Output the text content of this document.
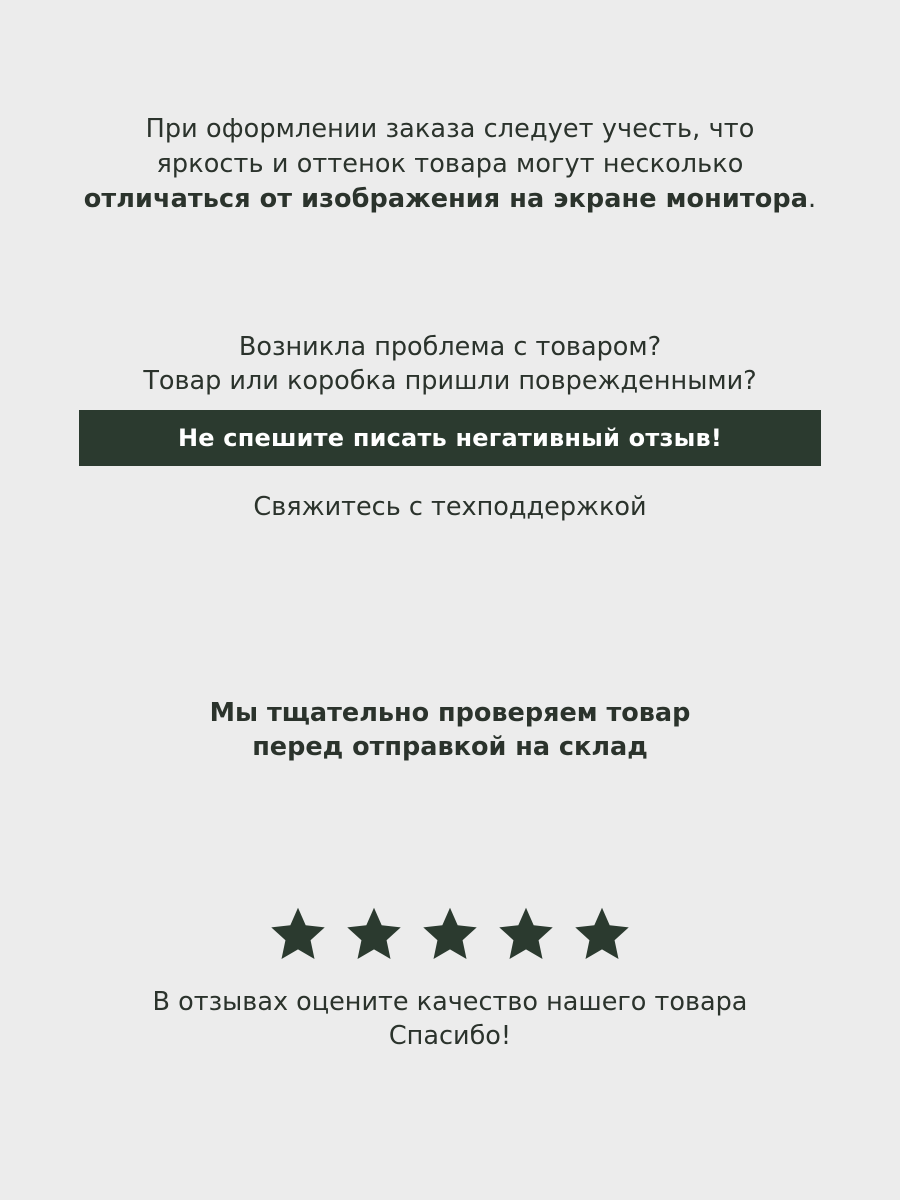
При оформлении заказа следует учесть, что
яркость и оттенок товара могут несколько
отличаться от изображения на экране монитора.
Возникла проблема с товаром?
Товар или коробка пришли поврежденными?
Не спешите писать негативный отзыв!
Свяжитесь с техподдержкой
Мы тщательно проверяем товар
перед отправкой на склад
В отзывах оцените качество нашего товара
Спасибо!
